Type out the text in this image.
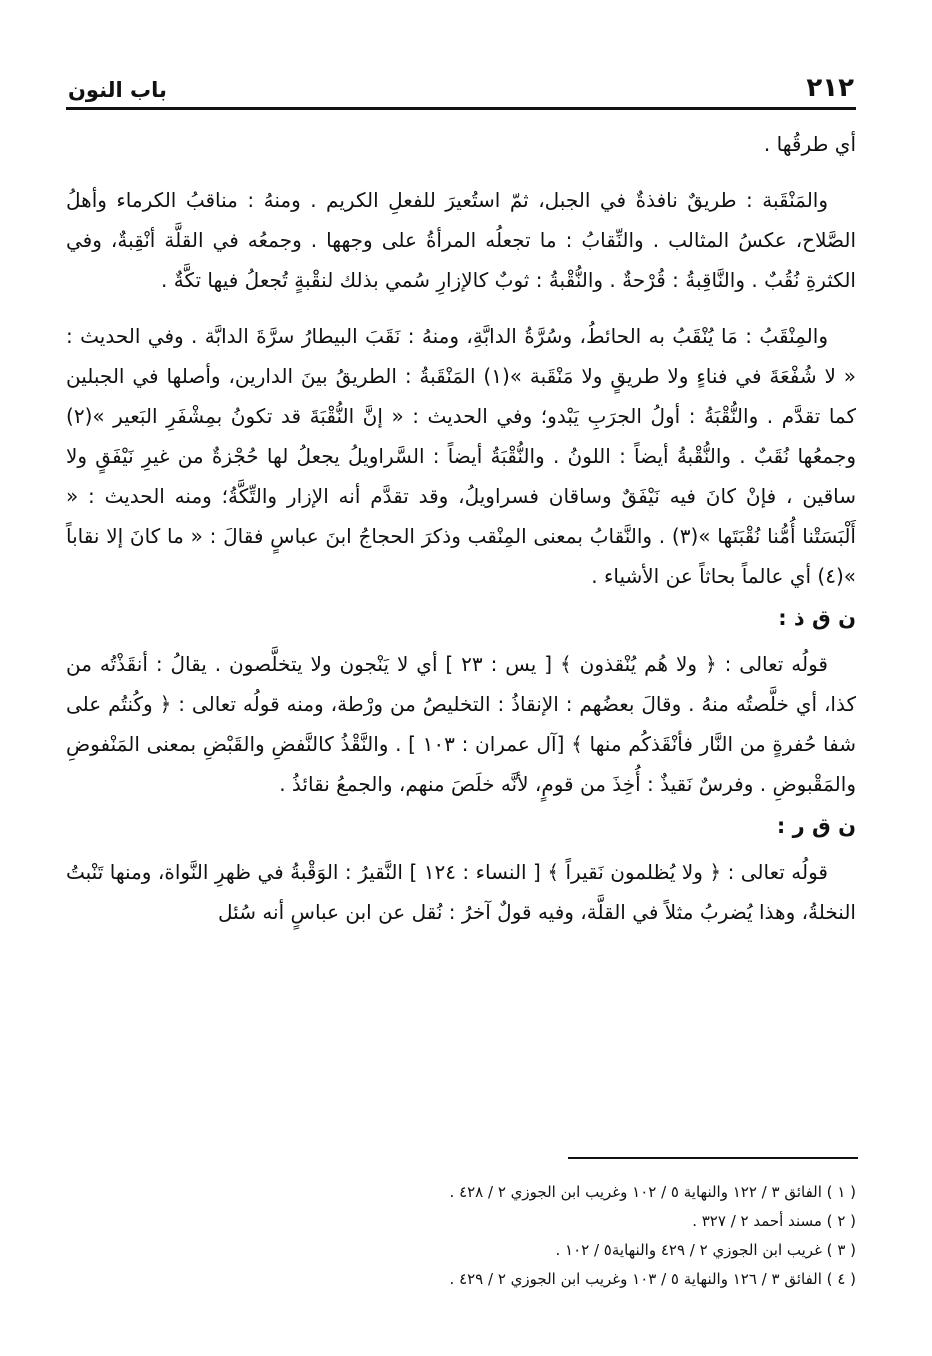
٢١٢
باب النون

أي طرقُها .

والمَنْقَبة : طريقٌ نافذةٌ في الجبل، ثمّ استُعيرَ للفعلِ الكريم . ومنهُ : مناقبُ الكرماء وأهلُ الصَّلاح، عكسُ المثالب . والنِّقابُ : ما تجعلُه المرأةُ على وجهها . وجمعُه في القلَّة أنْقِبةٌ، وفي الكثرةِ نُقُبٌ . والنَّاقِبةُ : قُرْحةٌ . والنُّقْبةُ : ثوبٌ كالإزارِ سُمي بذلك لنقْبةٍ تُجعلُ فيها تكَّةٌ .

والمِنْقَبُ : مَا يُنْقَبُ به الحائطُ، وسُرَّةُ الدابَّةِ، ومنهُ : نَقَبَ البيطارُ سرَّةَ الدابَّة . وفي الحديث : « لا شُفْعَةَ في فناءٍ ولا طريقٍ ولا مَنْقَبة »(١) المَنْقَبةُ : الطريقُ بينَ الدارين، وأصلها في الجبلين كما تقدَّم . والنُّقْبَةُ : أولُ الجرَبِ يَبْدو؛ وفي الحديث : « إنَّ النُّقْبَةَ قد تكونُ بمِشْفَرِ البَعير »(٢) وجمعُها نُقَبٌ . والنُّقْبةُ أيضاً : اللونُ . والنُّقْبَةُ أيضاً : السَّراويلُ يجعلُ لها حُجْزةٌ من غيرِ نَيْفَقٍ ولا ساقين ، فإنْ كانَ فيه نَيْفَقٌ وساقان فسراويلُ، وقد تقدَّم أنه الإزار والتِّكَّةُ؛ ومنه الحديث : « أَلْبَسَتْنا أُمُّنا نُقْبَتَها »(٣) . والنَّقابُ بمعنى المِنْقب وذكرَ الحجاجُ ابنَ عباسٍ فقالَ : « ما كانَ إلا نقاباً »(٤) أي عالماً بحاثاً عن الأشياء .

ن ق ذ :

قولُه تعالى : ﴿ ولا هُم يُنْقذون ﴾ [ يس : ٢٣ ] أي لا يَنْجون ولا يتخلَّصون . يقالُ : أنقَذْتُه من كذا، أي خلَّصتُه منهُ . وقالَ بعضُهم : الإنقاذُ : التخليصُ من ورْطة، ومنه قولُه تعالى : ﴿ وكُنتُم على شفا حُفرةٍ من النَّار فأنْقَذكُم منها ﴾ [آل عمران : ١٠٣ ] . والنَّقْذُ كالنَّفضِ والقَبْضِ بمعنى المَنْفوضِ والمَقْبوضِ . وفرسٌ نَقيذٌ : أُخِذَ من قومٍ، لأنَّه خلَصَ منهم، والجمعُ نقائذُ .

ن ق ر :

قولُه تعالى : ﴿ ولا يُظلمون نَقيراً ﴾ [ النساء : ١٢٤ ] النَّقيرُ : الوَقْبةُ في ظهرِ النَّواة، ومنها تَنْبتُ النخلةُ، وهذا يُضربُ مثلاً في القلَّة، وفيه قولٌ آخرُ : نُقل عن ابن عباسٍ أنه سُئل

( ١ ) الفائق ٣ / ١٢٢ والنهاية ٥ / ١٠٢ وغريب ابن الجوزي ٢ / ٤٢٨ .

( ٢ ) مسند أحمد ٢ / ٣٢٧ .

( ٣ ) غريب ابن الجوزي ٢ / ٤٢٩ والنهاية٥ / ١٠٢ .

( ٤ ) الفائق ٣ / ١٢٦ والنهاية ٥ / ١٠٣ وغريب ابن الجوزي ٢ / ٤٢٩ .
